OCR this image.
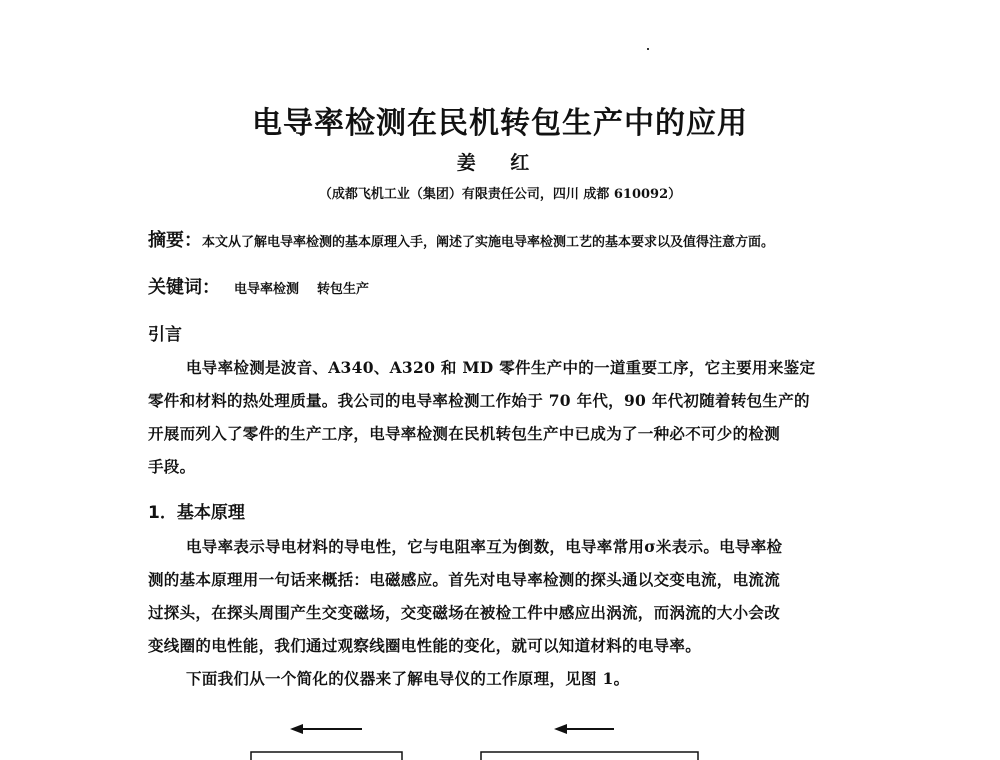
电导率检测在民机转包生产中的应用
姜 红
（成都飞机工业（集团）有限责任公司，四川 成都 610092）
摘要：本文从了解电导率检测的基本原理入手，阐述了实施电导率检测工艺的基本要求以及值得注意方面。
关键词： 电导率检测 转包生产
引言
电导率检测是波音、A340、A320 和 MD 零件生产中的一道重要工序，它主要用来鉴定
零件和材料的热处理质量。我公司的电导率检测工作始于 70 年代，90 年代初随着转包生产的
开展而列入了零件的生产工序，电导率检测在民机转包生产中已成为了一种必不可少的检测
手段。
1．基本原理
电导率表示导电材料的导电性，它与电阻率互为倒数，电导率常用σ米表示。电导率检
测的基本原理用一句话来概括：电磁感应。首先对电导率检测的探头通以交变电流，电流流
过探头，在探头周围产生交变磁场，交变磁场在被检工件中感应出涡流，而涡流的大小会改
变线圈的电性能，我们通过观察线圈电性能的变化，就可以知道材料的电导率。
下面我们从一个简化的仪器来了解电导仪的工作原理，见图 1。
